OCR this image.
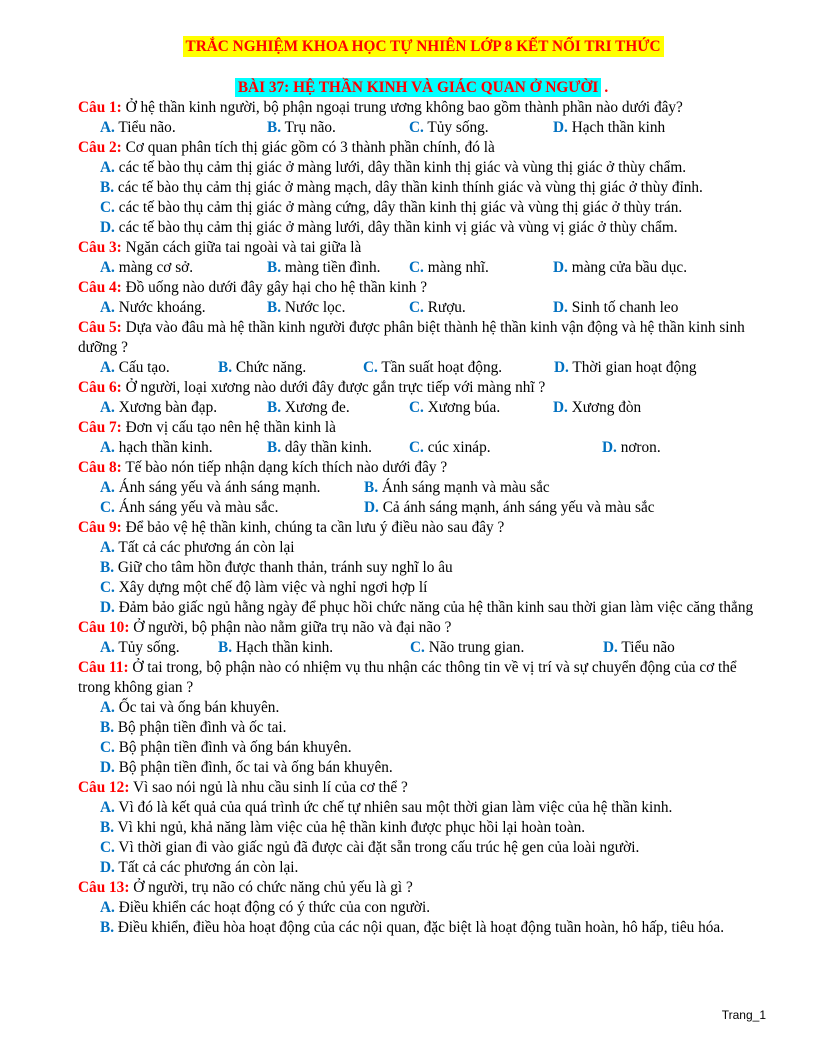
TRẮC NGHIỆM KHOA HỌC TỰ NHIÊN LỚP 8 KẾT NỐI TRI THỨC
BÀI 37: HỆ THẦN KINH VÀ GIÁC QUAN Ở NGƯỜI .
Câu 1: Ở hệ thần kinh người, bộ phận ngoại trung ương không bao gồm thành phần nào dưới đây?
A. Tiểu não.	B. Trụ não.	C. Tủy sống.	D. Hạch thần kinh
Câu 2: Cơ quan phân tích thị giác gồm có 3 thành phần chính, đó là
A. các tế bào thụ cảm thị giác ở màng lưới, dây thần kinh thị giác và vùng thị giác ở thùy chẩm.
B. các tế bào thụ cảm thị giác ở màng mạch, dây thần kinh thính giác và vùng thị giác ở thùy đỉnh.
C. các tế bào thụ cảm thị giác ở màng cứng, dây thần kinh thị giác và vùng thị giác ở thùy trán.
D. các tế bào thụ cảm thị giác ở màng lưới, dây thần kinh vị giác và vùng vị giác ở thùy chẩm.
Câu 3: Ngăn cách giữa tai ngoài và tai giữa là
A. màng cơ sở.	B. màng tiền đình.	C. màng nhĩ.	D. màng cửa bầu dục.
Câu 4: Đồ uống nào dưới đây gây hại cho hệ thần kinh ?
A. Nước khoáng.	B. Nước lọc.	C. Rượu.	D. Sinh tố chanh leo
Câu 5: Dựa vào đâu mà hệ thần kinh người được phân biệt thành hệ thần kinh vận động và hệ thần kinh sinh dưỡng ?
A. Cấu tạo.	B. Chức năng.	C. Tần suất hoạt động.	D. Thời gian hoạt động
Câu 6: Ở người, loại xương nào dưới đây được gắn trực tiếp với màng nhĩ ?
A. Xương bàn đạp.	B. Xương đe.	C. Xương búa.	D. Xương đòn
Câu 7: Đơn vị cấu tạo nên hệ thần kinh là
A. hạch thần kinh.	B. dây thần kinh.	C. cúc xináp.	D. nơron.
Câu 8: Tế bào nón tiếp nhận dạng kích thích nào dưới đây ?
A. Ánh sáng yếu và ánh sáng mạnh.	B. Ánh sáng mạnh và màu sắc
C. Ánh sáng yếu và màu sắc.	D. Cả ánh sáng mạnh, ánh sáng yếu và màu sắc
Câu 9: Để bảo vệ hệ thần kinh, chúng ta cần lưu ý điều nào sau đây ?
A. Tất cả các phương án còn lại
B. Giữ cho tâm hồn được thanh thản, tránh suy nghĩ lo âu
C. Xây dựng một chế độ làm việc và nghỉ ngơi hợp lí
D. Đảm bảo giấc ngủ hằng ngày để phục hồi chức năng của hệ thần kinh sau thời gian làm việc căng thẳng
Câu 10: Ở người, bộ phận nào nằm giữa trụ não và đại não ?
A. Tủy sống.	B. Hạch thần kinh.	C. Não trung gian.	D. Tiểu não
Câu 11: Ở tai trong, bộ phận nào có nhiệm vụ thu nhận các thông tin về vị trí và sự chuyển động của cơ thể trong không gian ?
A. Ốc tai và ống bán khuyên.
B. Bộ phận tiền đình và ốc tai.
C. Bộ phận tiền đình và ống bán khuyên.
D. Bộ phận tiền đình, ốc tai và ống bán khuyên.
Câu 12: Vì sao nói ngủ là nhu cầu sinh lí của cơ thể ?
A. Vì đó là kết quả của quá trình ức chế tự nhiên sau một thời gian làm việc của hệ thần kinh.
B. Vì khi ngủ, khả năng làm việc của hệ thần kinh được phục hồi lại hoàn toàn.
C. Vì thời gian đi vào giấc ngủ đã được cài đặt sẵn trong cấu trúc hệ gen của loài người.
D. Tất cả các phương án còn lại.
Câu 13: Ở người, trụ não có chức năng chủ yếu là gì ?
A. Điều khiển các hoạt động có ý thức của con người.
B. Điều khiển, điều hòa hoạt động của các nội quan, đặc biệt là hoạt động tuần hoàn, hô hấp, tiêu hóa.
Trang_1
